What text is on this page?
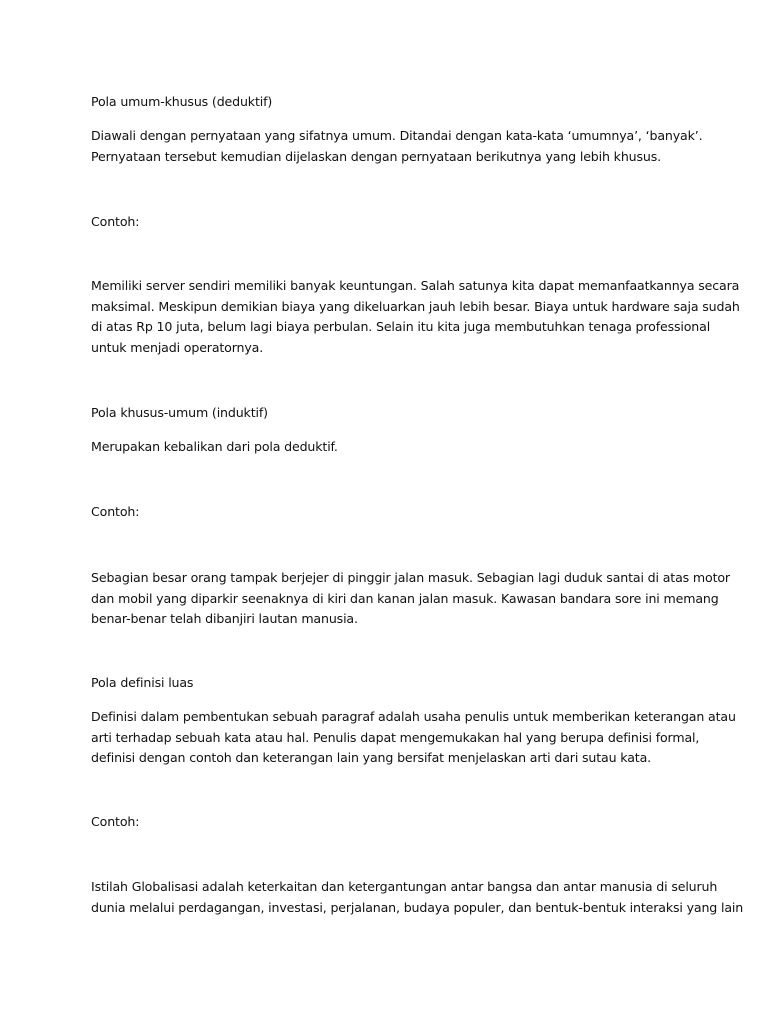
Pola umum-khusus (deduktif)
Diawali dengan pernyataan yang sifatnya umum. Ditandai dengan kata-kata ‘umumnya’, ‘banyak’.
Pernyataan tersebut kemudian dijelaskan dengan pernyataan berikutnya yang lebih khusus.
Contoh:
Memiliki server sendiri memiliki banyak keuntungan. Salah satunya kita dapat memanfaatkannya secara
maksimal. Meskipun demikian biaya yang dikeluarkan jauh lebih besar. Biaya untuk hardware saja sudah
di atas Rp 10 juta, belum lagi biaya perbulan. Selain itu kita juga membutuhkan tenaga professional
untuk menjadi operatornya.
Pola khusus-umum (induktif)
Merupakan kebalikan dari pola deduktif.
Contoh:
Sebagian besar orang tampak berjejer di pinggir jalan masuk. Sebagian lagi duduk santai di atas motor
dan mobil yang diparkir seenaknya di kiri dan kanan jalan masuk. Kawasan bandara sore ini memang
benar-benar telah dibanjiri lautan manusia.
Pola definisi luas
Definisi dalam pembentukan sebuah paragraf adalah usaha penulis untuk memberikan keterangan atau
arti terhadap sebuah kata atau hal. Penulis dapat mengemukakan hal yang berupa definisi formal,
definisi dengan contoh dan keterangan lain yang bersifat menjelaskan arti dari sutau kata.
Contoh:
Istilah Globalisasi adalah keterkaitan dan ketergantungan antar bangsa dan antar manusia di seluruh
dunia melalui perdagangan, investasi, perjalanan, budaya populer, dan bentuk-bentuk interaksi yang lain
